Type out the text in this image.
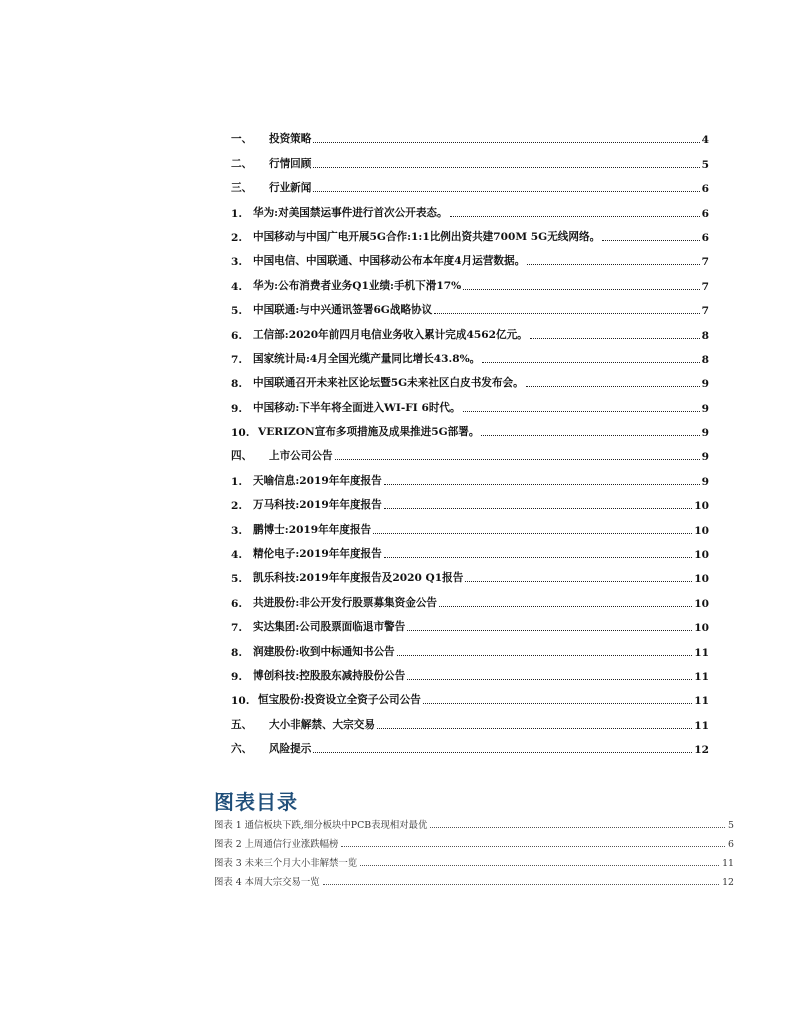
一、	投资策略	4
二、	行情回顾	5
三、	行业新闻	6
1.	华为:对美国禁运事件进行首次公开表态。	6
2.	中国移动与中国广电开展5G合作:1:1比例出资共建700M 5G无线网络。	6
3.	中国电信、中国联通、中国移动公布本年度4月运营数据。	7
4.	华为:公布消费者业务Q1业绩:手机下滑17%	7
5.	中国联通:与中兴通讯签署6G战略协议	7
6.	工信部:2020年前四月电信业务收入累计完成4562亿元。	8
7.	国家统计局:4月全国光缆产量同比增长43.8%。	8
8.	中国联通召开未来社区论坛暨5G未来社区白皮书发布会。	9
9.	中国移动:下半年将全面进入WI-FI 6时代。	9
10. VERIZON宣布多项措施及成果推进5G部署。	9
四、	上市公司公告	9
1.	天喻信息:2019年年度报告	9
2.	万马科技:2019年年度报告	10
3.	鹏博士:2019年年度报告	10
4.	精伦电子:2019年年度报告	10
5.	凯乐科技:2019年年度报告及2020 Q1报告	10
6.	共进股份:非公开发行股票募集资金公告	10
7.	实达集团:公司股票面临退市警告	10
8.	润建股份:收到中标通知书公告	11
9.	博创科技:控股股东减持股份公告	11
10. 恒宝股份:投资设立全资子公司公告	11
五、	大小非解禁、大宗交易	11
六、	风险提示	12
图表目录
图表 1 通信板块下跌,细分板块中PCB表现相对最优	5
图表 2 上周通信行业涨跌幅榜	6
图表 3 未来三个月大小非解禁一览	11
图表 4 本周大宗交易一览	12
